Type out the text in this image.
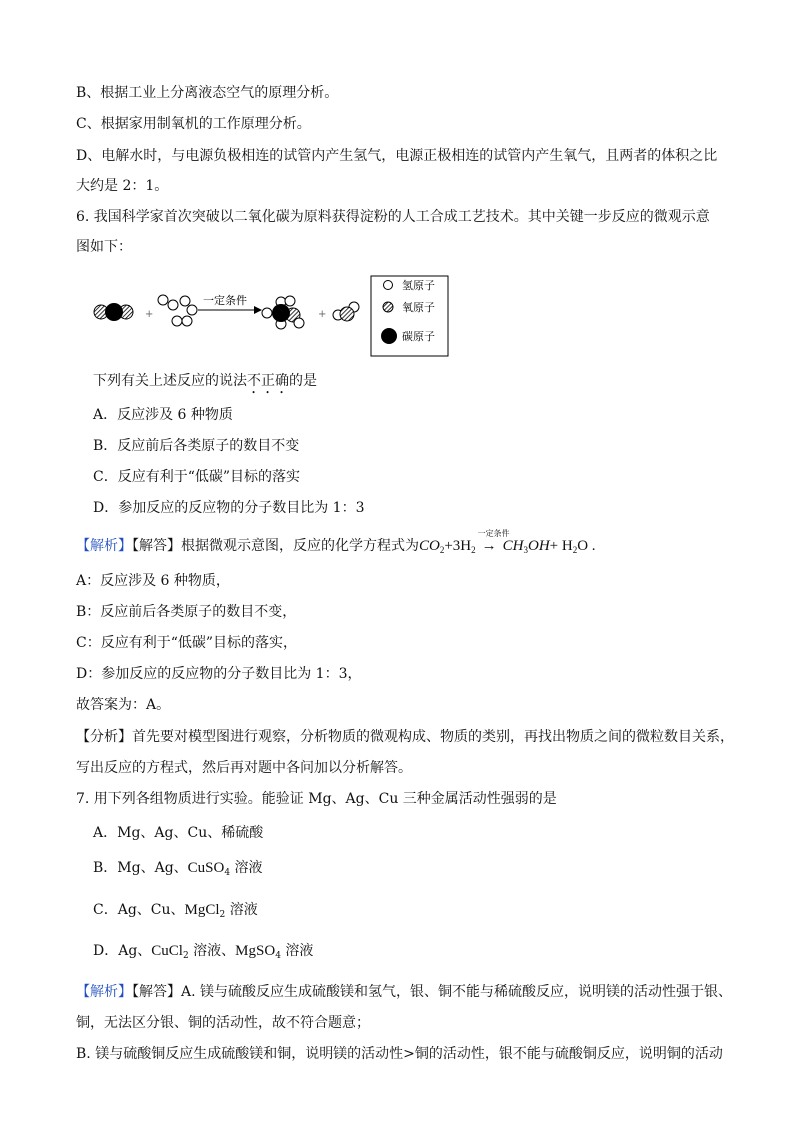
B、根据工业上分离液态空气的原理分析。
C、根据家用制氧机的工作原理分析。
D、电解水时，与电源负极相连的试管内产生氢气，电源正极相连的试管内产生氧气，且两者的体积之比
大约是 2：1。
6. 我国科学家首次突破以二氧化碳为原料获得淀粉的人工合成工艺技术。其中关键一步反应的微观示意
图如下：
+
一定条件
+
氢原子
氧原子
碳原子
下列有关上述反应的说法不正确的是
A．反应涉及 6 种物质
B．反应前后各类原子的数目不变
C．反应有利于“低碳”目标的落实
D．参加反应的反应物的分子数目比为 1：3
【解析】【解答】根据微观示意图，反应的化学方程式为$CO_2+3H_2$
一定条件
→ $CH_3OH+ H_2O$ .
A：反应涉及 6 种物质，
B：反应前后各类原子的数目不变，
C：反应有利于“低碳”目标的落实，
D：参加反应的反应物的分子数目比为 1：3，
故答案为：A。
【分析】首先要对模型图进行观察，分析物质的微观构成、物质的类别，再找出物质之间的微粒数目关系，
写出反应的方程式，然后再对题中各问加以分析解答。
7. 用下列各组物质进行实验。能验证 Mg、Ag、Cu 三种金属活动性强弱的是
A．Mg、Ag、Cu、稀硫酸
B．Mg、Ag、CuSO$_4$ 溶液
C．Ag、Cu、MgCl$_2$ 溶液
D．Ag、CuCl$_2$ 溶液、MgSO$_4$ 溶液
【解析】【解答】A. 镁与硫酸反应生成硫酸镁和氢气，银、铜不能与稀硫酸反应，说明镁的活动性强于银、
铜，无法区分银、铜的活动性，故不符合题意；
B. 镁与硫酸铜反应生成硫酸镁和铜，说明镁的活动性>铜的活动性，银不能与硫酸铜反应，说明铜的活动
